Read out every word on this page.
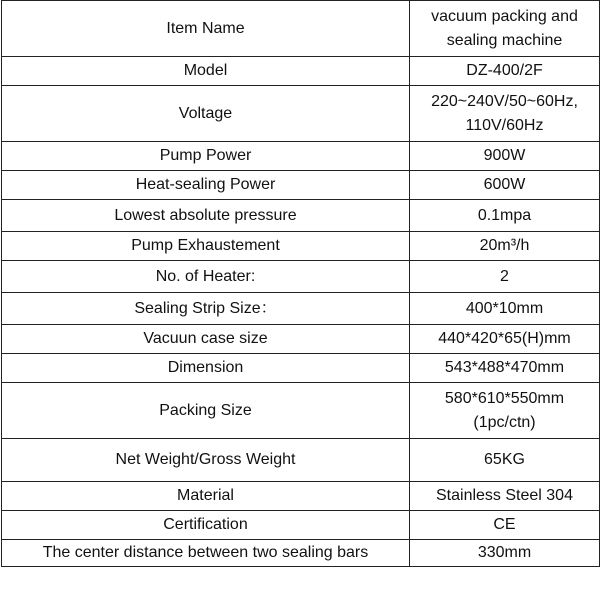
Item Name	vacuum packing and sealing machine
Model	DZ-400/2F
Voltage	220~240V/50~60Hz, 110V/60Hz
Pump Power	900W
Heat-sealing Power	600W
Lowest absolute pressure	0.1mpa
Pump Exhaustement	20m³/h
No. of Heater:	2
Sealing Strip Size：	400*10mm
Vacuun case size	440*420*65(H)mm
Dimension	543*488*470mm
Packing Size	580*610*550mm (1pc/ctn)
Net Weight/Gross Weight	65KG
Material	Stainless Steel 304
Certification	CE
The center distance between two sealing bars	330mm
